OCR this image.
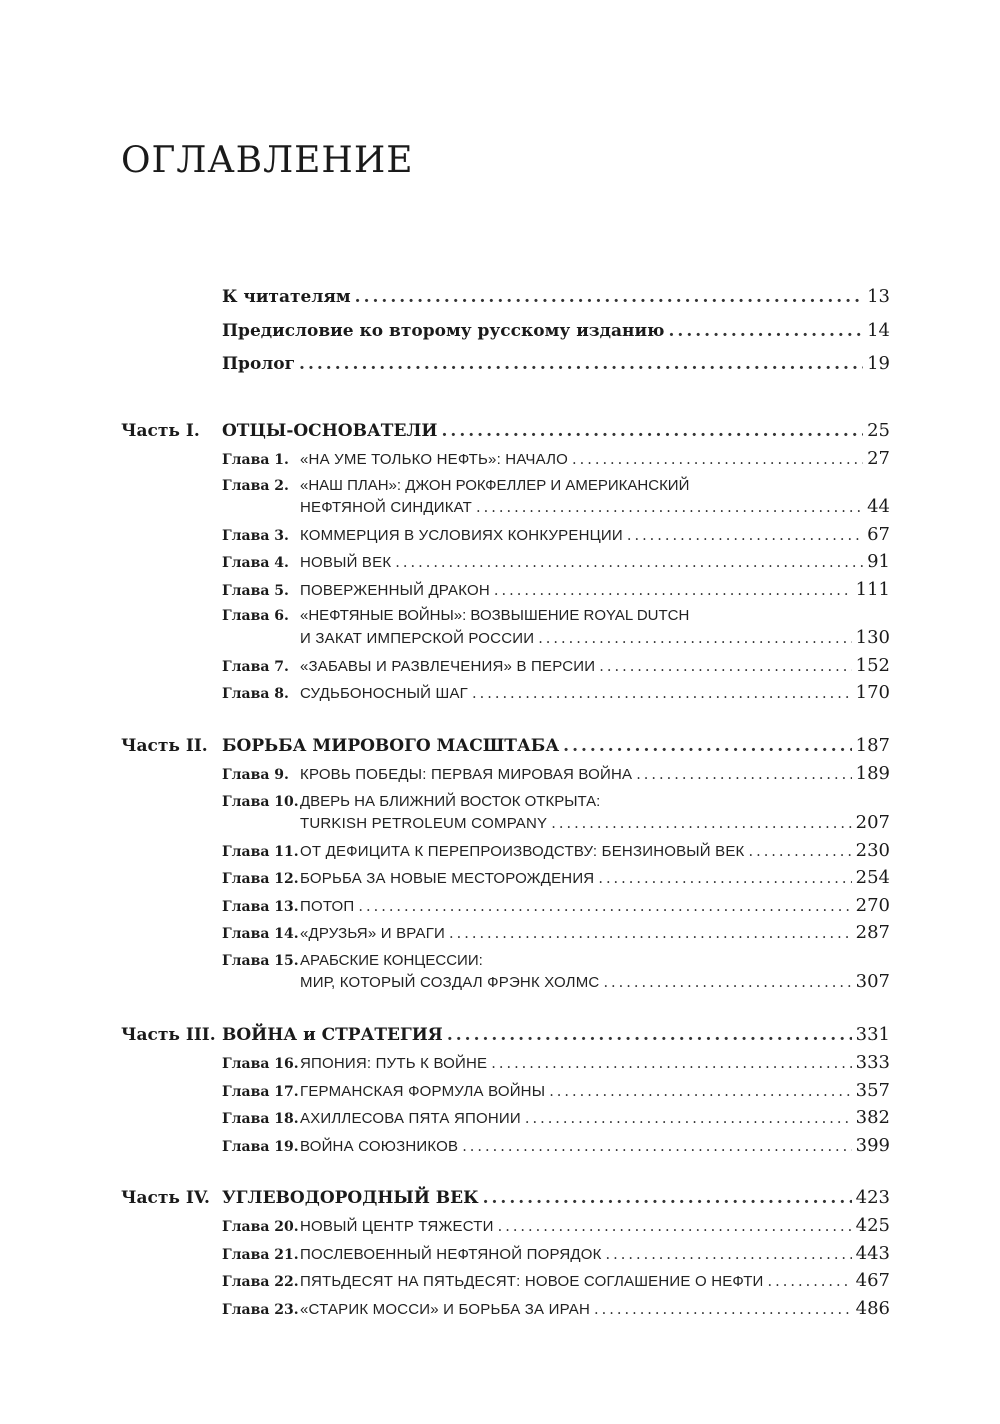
ОГЛАВЛЕНИЕ
К читателям .....	13
Предисловие ко второму русскому изданию .....	14
Пролог .....	19
Часть I. ОТЦЫ-ОСНОВАТЕЛИ .....	25
Глава 1. «НА УМЕ ТОЛЬКО НЕФТЬ»: НАЧАЛО .....	27
Глава 2. «НАШ ПЛАН»: ДЖОН РОКФЕЛЛЕР И АМЕРИКАНСКИЙ
НЕФТЯНОЙ СИНДИКАТ .....	44
Глава 3. КОММЕРЦИЯ В УСЛОВИЯХ КОНКУРЕНЦИИ .....	67
Глава 4. НОВЫЙ ВЕК .....	91
Глава 5. ПОВЕРЖЕННЫЙ ДРАКОН .....	111
Глава 6. «НЕФТЯНЫЕ ВОЙНЫ»: ВОЗВЫШЕНИЕ ROYAL DUTCH
И ЗАКАТ ИМПЕРСКОЙ РОССИИ .....	130
Глава 7. «ЗАБАВЫ И РАЗВЛЕЧЕНИЯ» В ПЕРСИИ .....	152
Глава 8. СУДЬБОНОСНЫЙ ШАГ .....	170
Часть II. БОРЬБА МИРОВОГО МАСШТАБА .....	187
Глава 9. КРОВЬ ПОБЕДЫ: ПЕРВАЯ МИРОВАЯ ВОЙНА .....	189
Глава 10.ДВЕРЬ НА БЛИЖНИЙ ВОСТОК ОТКРЫТА:
TURKISH PETROLEUM COMPANY .....	207
Глава 11.ОТ ДЕФИЦИТА К ПЕРЕПРОИЗВОДСТВУ: БЕНЗИНОВЫЙ ВЕК .....	230
Глава 12.БОРЬБА ЗА НОВЫЕ МЕСТОРОЖДЕНИЯ .....	254
Глава 13.ПОТОП .....	270
Глава 14.«ДРУЗЬЯ» И ВРАГИ .....	287
Глава 15.АРАБСКИЕ КОНЦЕССИИ:
МИР, КОТОРЫЙ СОЗДАЛ ФРЭНК ХОЛМС .....	307
Часть III. ВОЙНА и СТРАТЕГИЯ .....	331
Глава 16.ЯПОНИЯ: ПУТЬ К ВОЙНЕ .....	333
Глава 17.ГЕРМАНСКАЯ ФОРМУЛА ВОЙНЫ .....	357
Глава 18.АХИЛЛЕСОВА ПЯТА ЯПОНИИ .....	382
Глава 19.ВОЙНА СОЮЗНИКОВ .....	399
Часть IV. УГЛЕВОДОРОДНЫЙ ВЕК .....	423
Глава 20.НОВЫЙ ЦЕНТР ТЯЖЕСТИ .....	425
Глава 21.ПОСЛЕВОЕННЫЙ НЕФТЯНОЙ ПОРЯДОК .....	443
Глава 22.ПЯТЬДЕСЯТ НА ПЯТЬДЕСЯТ: НОВОЕ СОГЛАШЕНИЕ О НЕФТИ .....	467
Глава 23.«СТАРИК МОССИ» И БОРЬБА ЗА ИРАН .....	486
